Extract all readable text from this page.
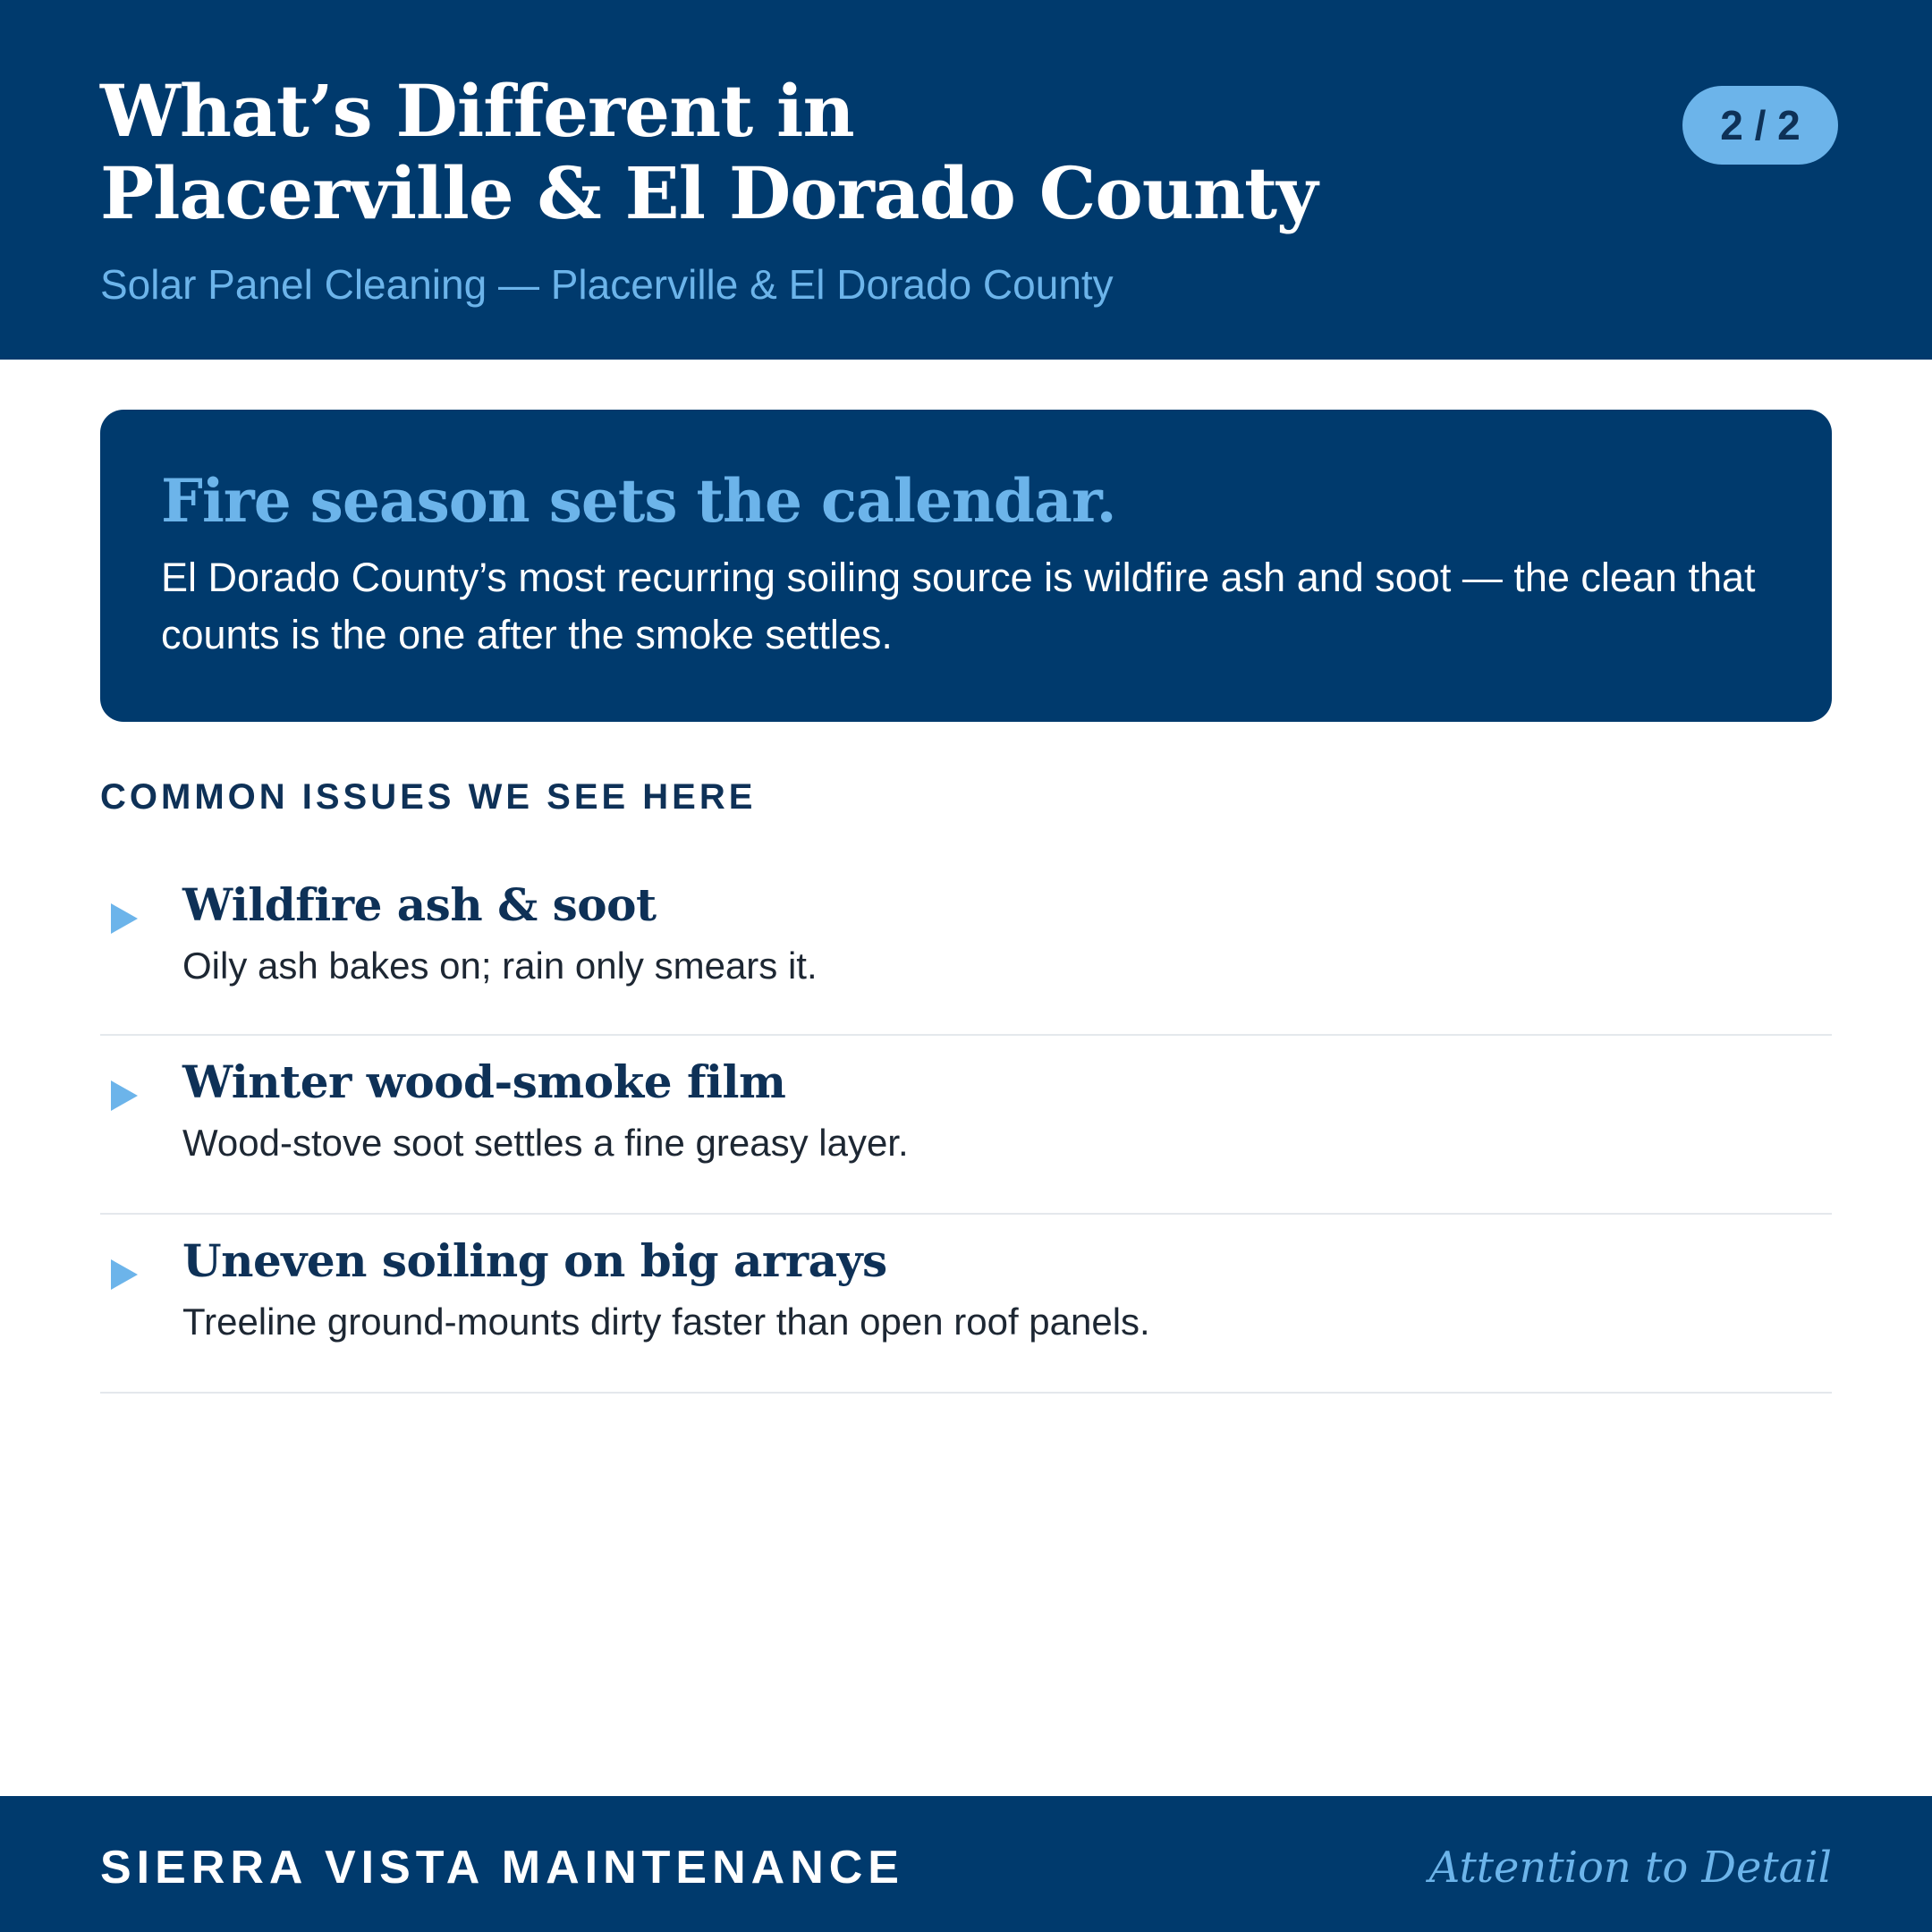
What’s Different in
Placerville & El Dorado County
Solar Panel Cleaning — Placerville & El Dorado County
2 / 2
Fire season sets the calendar.

El Dorado County’s most recurring soiling source is wildfire ash and soot — the clean that counts is the one after the smoke settles.

COMMON ISSUES WE SEE HERE
Wildfire ash & soot

Oily ash bakes on; rain only smears it.

Winter wood-smoke film

Wood-stove soot settles a fine greasy layer.

Uneven soiling on big arrays

Treeline ground-mounts dirty faster than open roof panels.

SIERRA VISTA MAINTENANCE	Attention to Detail
